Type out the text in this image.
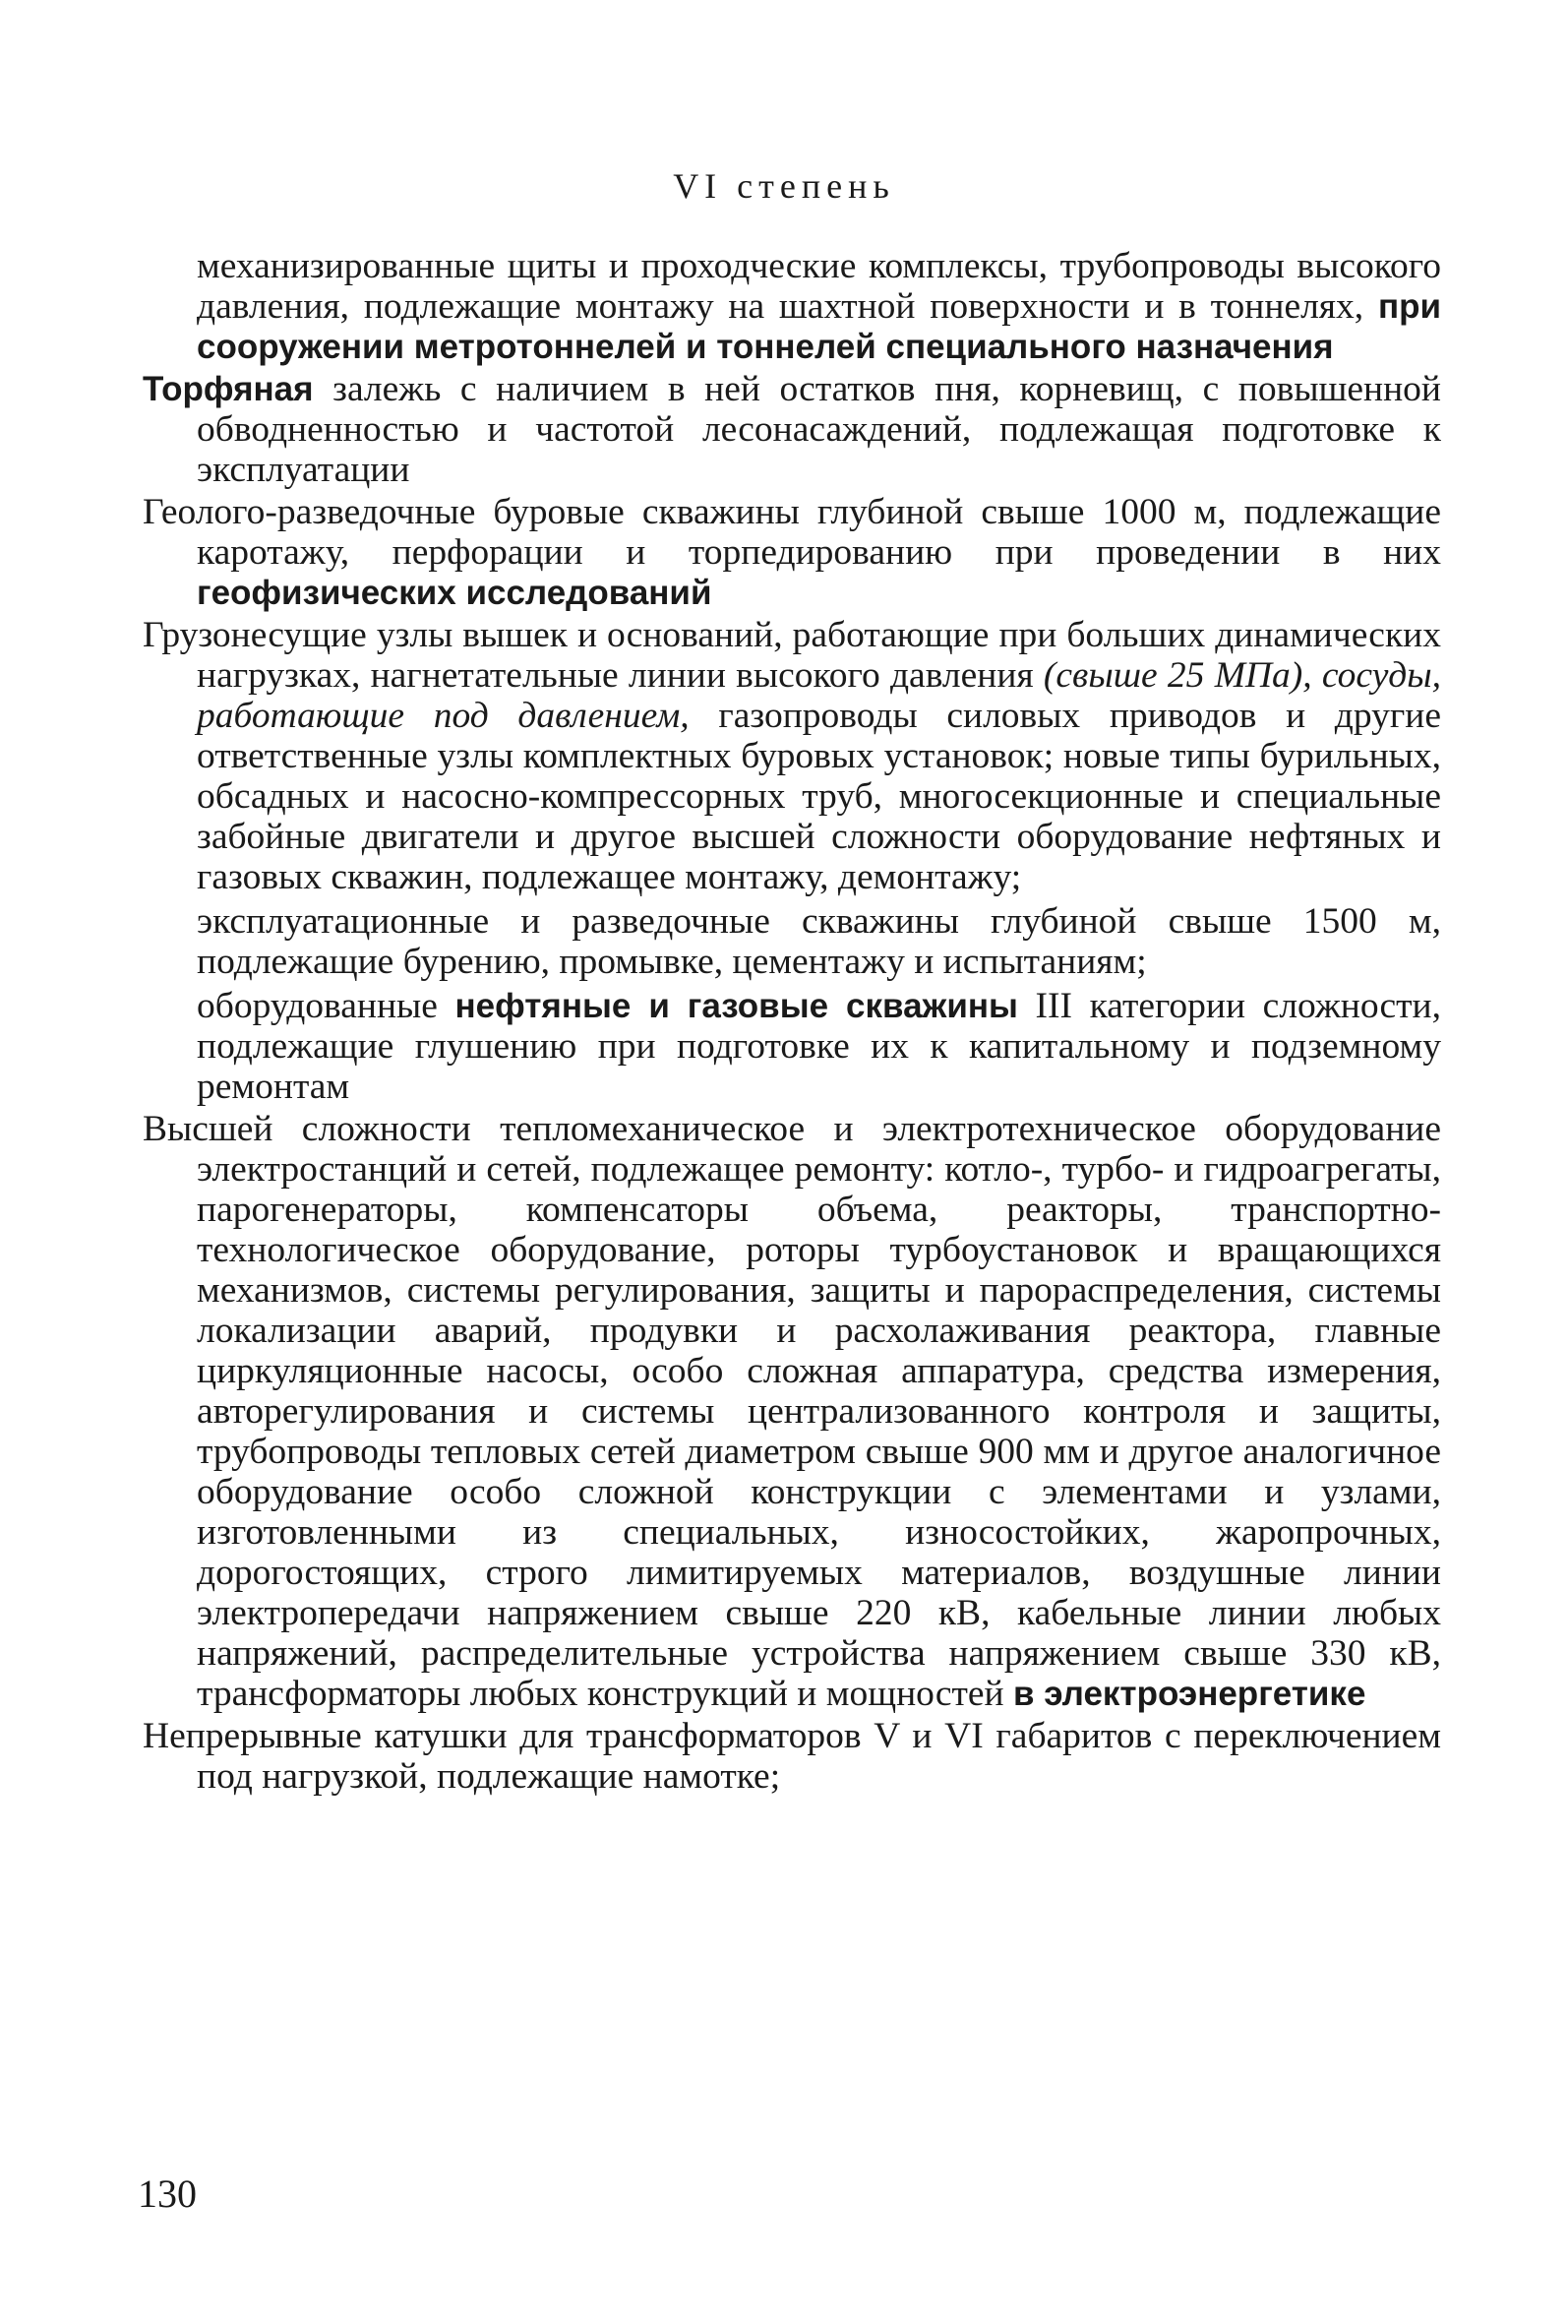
VI степень

механизированные щиты и проходческие комплексы, трубопроводы высокого давления, подлежащие монтажу на шахтной поверхности и в тоннелях, при сооружении метротоннелей и тоннелей специального назначения

Торфяная залежь с наличием в ней остатков пня, корневищ, с повышенной обводненностью и частотой лесонасаждений, подлежащая подготовке к эксплуатации

Геолого-разведочные буровые скважины глубиной свыше 1000 м, подлежащие каротажу, перфорации и торпедированию при проведении в них геофизических исследований

Грузонесущие узлы вышек и оснований, работающие при больших динамических нагрузках, нагнетательные линии высокого давления (свыше 25 МПа), сосуды, работающие под давлением, газопроводы силовых приводов и другие ответственные узлы комплектных буровых установок; новые типы бурильных, обсадных и насосно-компрессорных труб, многосекционные и специальные забойные двигатели и другое высшей сложности оборудование нефтяных и газовых скважин, подлежащее монтажу, демонтажу;

эксплуатационные и разведочные скважины глубиной свыше 1500 м, подлежащие бурению, промывке, цементажу и испытаниям;

оборудованные нефтяные и газовые скважины III категории сложности, подлежащие глушению при подготовке их к капитальному и подземному ремонтам

Высшей сложности тепломеханическое и электротехническое оборудование электростанций и сетей, подлежащее ремонту: котло-, турбо- и гидроагрегаты, парогенераторы, компенсаторы объема, реакторы, транспортно-технологическое оборудование, роторы турбоустановок и вращающихся механизмов, системы регулирования, защиты и парораспределения, системы локализации аварий, продувки и расхолаживания реактора, главные циркуляционные насосы, особо сложная аппаратура, средства измерения, авторегулирования и системы централизованного контроля и защиты, трубопроводы тепловых сетей диаметром свыше 900 мм и другое аналогичное оборудование особо сложной конструкции с элементами и узлами, изготовленными из специальных, износостойких, жаропрочных, дорогостоящих, строго лимитируемых материалов, воздушные линии электропередачи напряжением свыше 220 кВ, кабельные линии любых напряжений, распределительные устройства напряжением свыше 330 кВ, трансформаторы любых конструкций и мощностей в электроэнергетике

Непрерывные катушки для трансформаторов V и VI габаритов с переключением под нагрузкой, подлежащие намотке;

130
